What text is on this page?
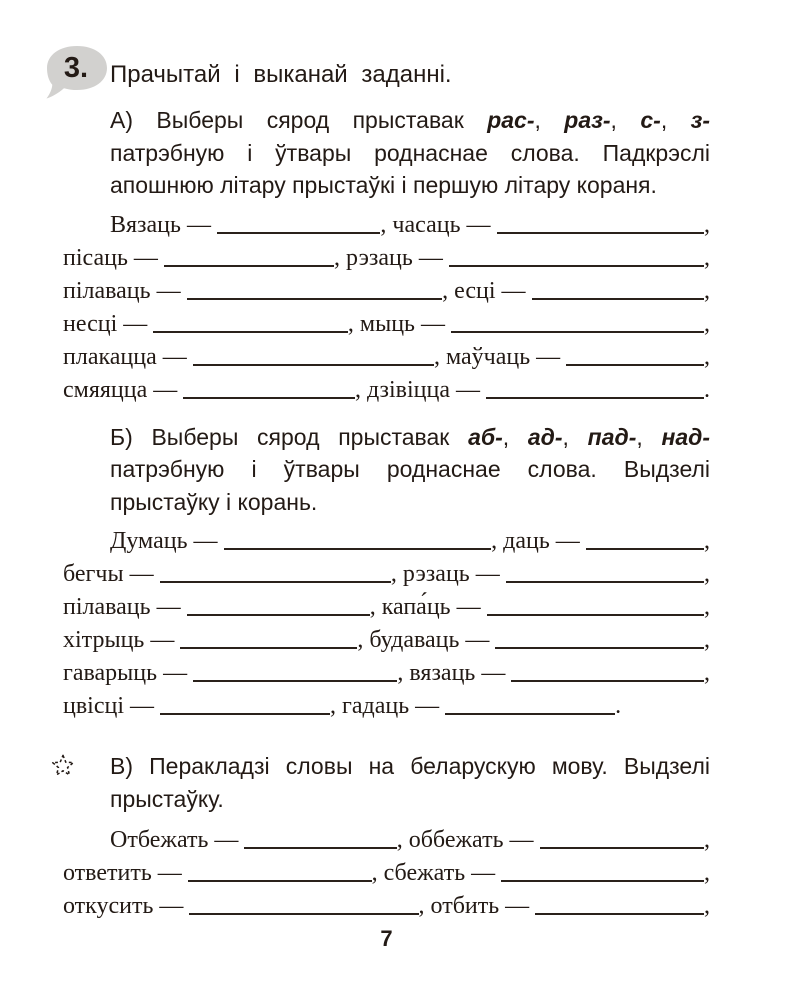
3. Прачытай і выканай заданні.

А) Выберы сярод прыставак рас-, раз-, с-, з- патрэбную і ўтвары роднаснае слова. Падкрэслі апошнюю літару прыстаўкі і першую літару кораня.

Вязаць —	, часаць —	,
пісаць —	, рэзаць —	,
пілаваць —	, есці —	,
несці —	, мыць —	,
плакацца —	, маўчаць —	,
смяяцца —	, дзівіцца —	.

Б) Выберы сярод прыставак аб-, ад-, пад-, над- патрэбную і ўтвары роднаснае слова. Выдзелі прыстаўку і корань.

Думаць —	, даць —	,
бегчы —	, рэзаць —	,
пілаваць —	, капа́ць —	,
хітрыць —	, будаваць —	,
гаварыць —	, вязаць —	,
цвісці —	, гадаць —	.

В) Перакладзі словы на беларускую мову. Выдзелі прыстаўку.

Отбежать —	, оббежать —	,
ответить —	, сбежать —	,
откусить —	, отбить —	,
7
